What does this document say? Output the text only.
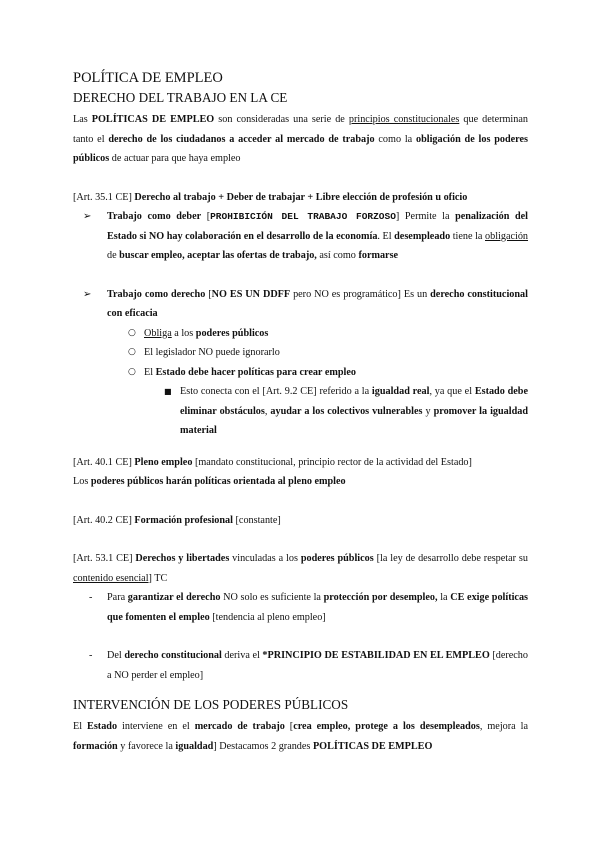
POLÍTICA DE EMPLEO
DERECHO DEL TRABAJO EN LA CE

Las POLÍTICAS DE EMPLEO son consideradas una serie de principios constitucionales que determinan tanto el derecho de los ciudadanos a acceder al mercado de trabajo como la obligación de los poderes públicos de actuar para que haya empleo

[Art. 35.1 CE] Derecho al trabajo + Deber de trabajar + Libre elección de profesión u oficio

➢ Trabajo como deber [PROHIBICIÓN DEL TRABAJO FORZOSO] Permite la penalización del Estado si NO hay colaboración en el desarrollo de la economía. El desempleado tiene la obligación de buscar empleo, aceptar las ofertas de trabajo, así como formarse
➢ Trabajo como derecho [NO ES UN DDFF pero NO es programático] Es un derecho constitucional con eficacia
○ Obliga a los poderes públicos
○ El legislador NO puede ignorarlo
○ El Estado debe hacer políticas para crear empleo
■ Esto conecta con el [Art. 9.2 CE] referido a la igualdad real, ya que el Estado debe eliminar obstáculos, ayudar a los colectivos vulnerables y promover la igualdad material

[Art. 40.1 CE] Pleno empleo [mandato constitucional, principio rector de la actividad del Estado]

Los poderes públicos harán políticas orientada al pleno empleo

[Art. 40.2 CE] Formación profesional [constante]

[Art. 53.1 CE] Derechos y libertades vinculadas a los poderes públicos [la ley de desarrollo debe respetar su contenido esencial] TC

- Para garantizar el derecho NO solo es suficiente la protección por desempleo, la CE exige políticas que fomenten el empleo [tendencia al pleno empleo]
- Del derecho constitucional deriva el *PRINCIPIO DE ESTABILIDAD EN EL EMPLEO [derecho a NO perder el empleo]
INTERVENCIÓN DE LOS PODERES PÚBLICOS

El Estado interviene en el mercado de trabajo [crea empleo, protege a los desempleados, mejora la formación y favorece la igualdad] Destacamos 2 grandes POLÍTICAS DE EMPLEO
